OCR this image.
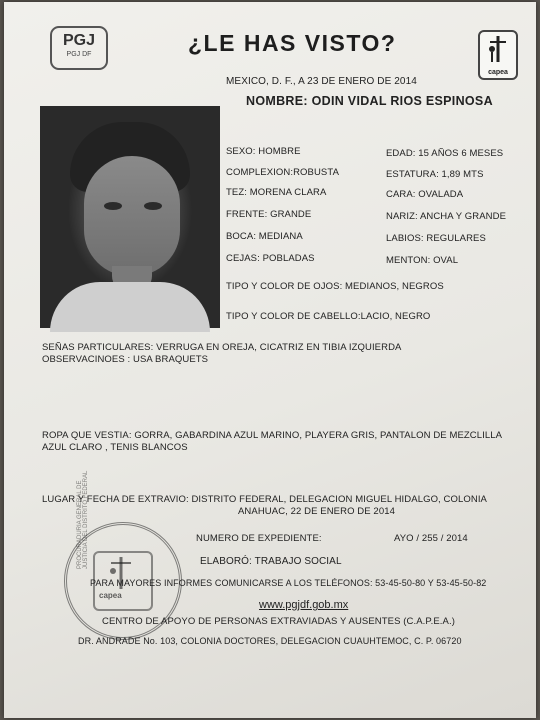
PGJ
PGJ DF	¿LE HAS VISTO?
capea
MEXICO, D. F., A 23 DE ENERO DE 2014
NOMBRE: ODIN VIDAL RIOS ESPINOSA
SEXO: HOMBRE	EDAD: 15 AÑOS 6 MESES
COMPLEXION:ROBUSTA	ESTATURA: 1,89 MTS
TEZ: MORENA CLARA	CARA: OVALADA
FRENTE: GRANDE	NARIZ: ANCHA Y GRANDE
BOCA: MEDIANA	LABIOS: REGULARES
CEJAS: POBLADAS	MENTON: OVAL
TIPO Y COLOR DE OJOS: MEDIANOS, NEGROS
TIPO Y COLOR DE CABELLO:LACIO, NEGRO
SEÑAS PARTICULARES: VERRUGA EN OREJA, CICATRIZ EN TIBIA IZQUIERDA
OBSERVACINOES : USA BRAQUETS
ROPA QUE VESTIA: GORRA, GABARDINA AZUL MARINO, PLAYERA GRIS, PANTALON DE MEZCLILLA
AZUL CLARO , TENIS BLANCOS
LUGAR Y FECHA DE EXTRAVIO: DISTRITO FEDERAL, DELEGACION MIGUEL HIDALGO, COLONIA
ANAHUAC, 22 DE ENERO DE 2014
PROCURADURIA GENERAL DE JUSTICIA DEL DISTRITO FEDERAL
capea
NUMERO DE EXPEDIENTE:	AYO / 255 / 2014
ELABORÓ: TRABAJO SOCIAL
PARA MAYORES INFORMES COMUNICARSE A LOS TELÉFONOS: 53-45-50-80 Y 53-45-50-82
www.pgjdf.gob.mx
CENTRO DE APOYO DE PERSONAS EXTRAVIADAS Y AUSENTES (C.A.P.E.A.)
DR. ANDRADE No. 103, COLONIA DOCTORES, DELEGACION CUAUHTEMOC, C. P. 06720
